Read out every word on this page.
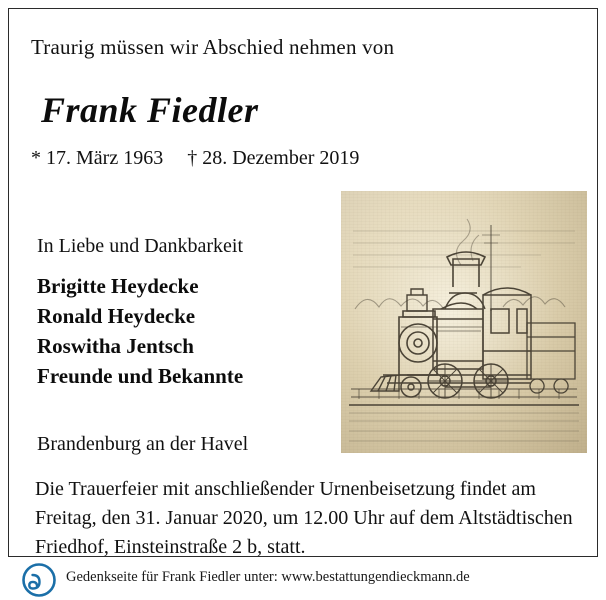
Traurig müssen wir Abschied nehmen von
Frank Fiedler
* 17. März 1963 † 28. Dezember 2019
In Liebe und Dankbarkeit
Brigitte Heydecke
Ronald Heydecke
Roswitha Jentsch
Freunde und Bekannte
Brandenburg an der Havel
Die Trauerfeier mit anschließender Urnenbeisetzung findet am Freitag, den 31. Januar 2020, um 12.00 Uhr auf dem Altstädtischen Friedhof, Einsteinstraße 2 b, statt.
Gedenkseite für Frank Fiedler unter: www.bestattungendieckmann.de
